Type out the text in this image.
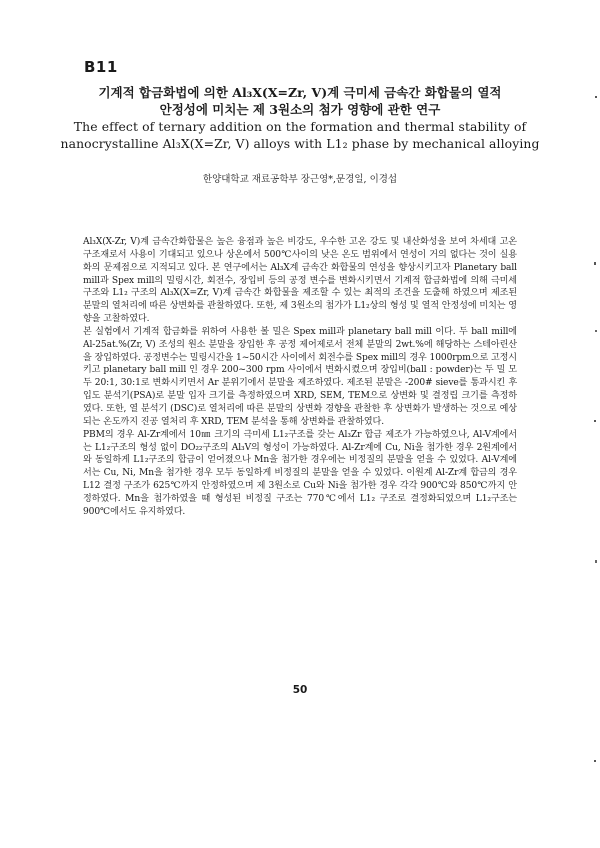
B11

기계적 합금화법에 의한 Al₃X(X=Zr, V)계 극미세 금속간 화합물의 열적

안정성에 미치는 제 3원소의 첨가 영향에 관한 연구

The effect of ternary addition on the formation and thermal stability of

nanocrystalline Al₃X(X=Zr, V) alloys with L1₂ phase by mechanical alloying

한양대학교 재료공학부 장근영*,문경일, 이경섭

Al₃X(X-Zr, V)계 금속간화합물은 높은 융점과 높은 비강도, 우수한 고온 강도 및 내산화성을 보여 차세대 고온 구조재로서 사용이 기대되고 있으나 상온에서 500℃사이의 낮은 온도 범위에서 연성이 거의 없다는 것이 실용화의 문제점으로 지적되고 있다. 본 연구에서는 Al₃X계 금속간 화합물의 연성을 향상시키고자 Planetary ball mill과 Spex mill의 밀링시간, 회전수, 장입비 등의 공정 변수를 변화시키면서 기계적 합금화법에 의해 극미세 구조와 L1₂ 구조의 Al₃X(X=Zr, V)계 금속간 화합물을 제조할 수 있는 최적의 조건을 도출해 하였으며 제조된 분말의 열처리에 따른 상변화를 관찰하였다. 또한, 제 3원소의 첨가가 L1₂상의 형성 및 열적 안정성에 미치는 영향을 고찰하였다.

본 실험에서 기계적 합금화를 위하여 사용한 볼 밀은 Spex mill과 planetary ball mill 이다. 두 ball mill에 Al-25at.%(Zr, V) 조성의 원소 분말을 장입한 후 공정 제어제로서 전체 분말의 2wt.%에 해당하는 스테아린산을 장입하였다. 공정변수는 밀링시간을 1~50시간 사이에서 회전수를 Spex mill의 경우 1000rpm으로 고정시키고 planetary ball mill 인 경우 200~300 rpm 사이에서 변화시켰으며 장입비(ball : powder)는 두 밀 모두 20:1, 30:1로 변화시키면서 Ar 분위기에서 분말을 제조하였다. 제조된 분말은 -200# sieve를 통과시킨 후 입도 분석기(PSA)로 분말 입자 크기를 측정하였으며 XRD, SEM, TEM으로 상변화 및 결정립 크기를 측정하였다. 또한, 열 분석기 (DSC)로 열처리에 따른 분말의 상변화 경향을 관찰한 후 상변화가 발생하는 것으로 예상되는 온도까지 진공 열처리 후 XRD, TEM 분석을 통해 상변화를 관찰하였다.

PBM의 경우 Al-Zr계에서 10㎚ 크기의 극미세 L1₂구조를 갖는 Al₃Zr 합금 제조가 가능하였으나, Al-V계에서는 L1₂구조의 형성 없이 DO₂₂구조의 Al₃V의 형성이 가능하였다. Al-Zr계에 Cu, Ni을 첨가한 경우 2원계에서와 동일하게 L1₂구조의 합금이 얻어졌으나 Mn을 첨가한 경우에는 비정질의 분말을 얻을 수 있었다. Al-V계에서는 Cu, Ni, Mn을 첨가한 경우 모두 동일하게 비정질의 분말을 얻을 수 있었다. 이원계 Al-Zr계 합금의 경우 L12 결정 구조가 625℃까지 안정하였으며 제 3원소로 Cu와 Ni을 첨가한 경우 각각 900℃와 850℃까지 안정하였다. Mn을 첨가하였을 때 형성된 비정질 구조는 770℃에서 L1₂ 구조로 결정화되었으며 L1₂구조는 900℃에서도 유지하였다.

50
